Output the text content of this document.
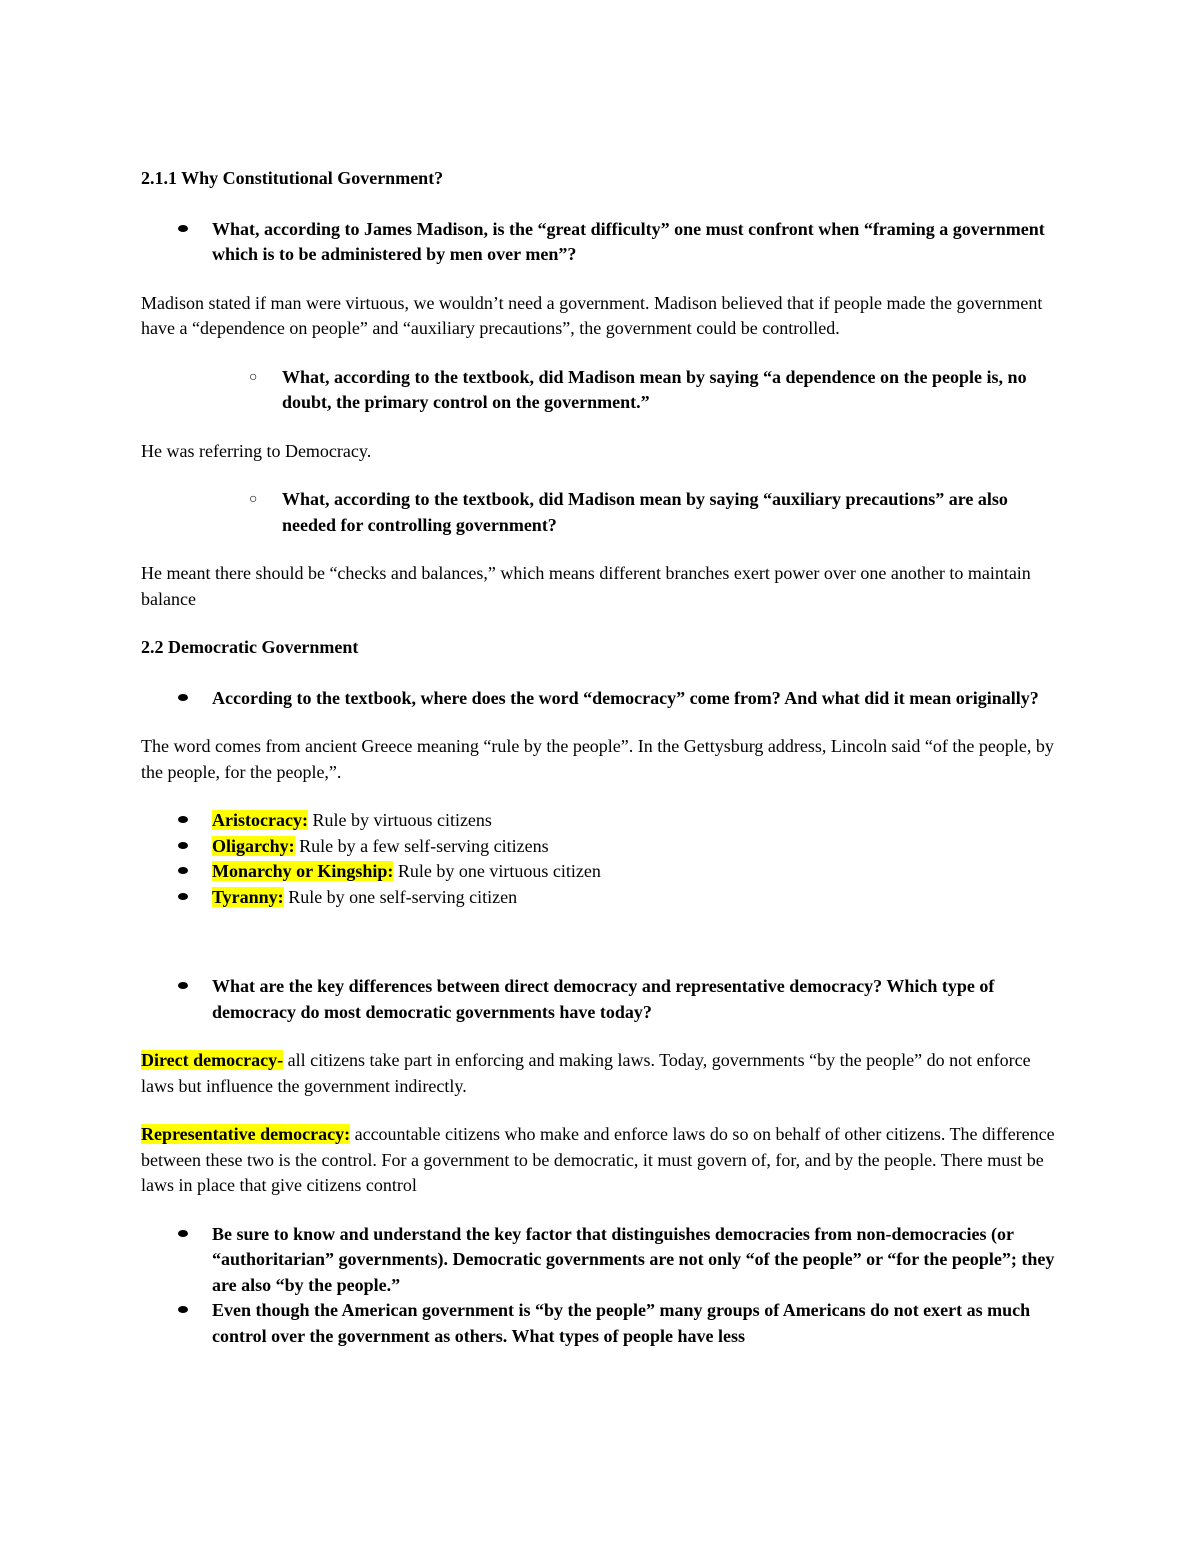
2.1.1 Why Constitutional Government?

What, according to James Madison, is the “great difficulty” one must confront when “framing a government which is to be administered by men over men”?

Madison stated if man were virtuous, we wouldn’t need a government. Madison believed that if people made the government have a “dependence on people” and “auxiliary precautions”, the government could be controlled.

○ What, according to the textbook, did Madison mean by saying “a dependence on the people is, no doubt, the primary control on the government.”

He was referring to Democracy.

○ What, according to the textbook, did Madison mean by saying “auxiliary precautions” are also needed for controlling government?

He meant there should be “checks and balances,” which means different branches exert power over one another to maintain balance

2.2 Democratic Government

According to the textbook, where does the word “democracy” come from? And what did it mean originally?

The word comes from ancient Greece meaning “rule by the people”. In the Gettysburg address, Lincoln said “of the people, by the people, for the people,”.

Aristocracy: Rule by virtuous citizens
Oligarchy: Rule by a few self-serving citizens
Monarchy or Kingship: Rule by one virtuous citizen
Tyranny: Rule by one self-serving citizen
What are the key differences between direct democracy and representative democracy? Which type of democracy do most democratic governments have today?

Direct democracy- all citizens take part in enforcing and making laws. Today, governments “by the people” do not enforce laws but influence the government indirectly.

Representative democracy: accountable citizens who make and enforce laws do so on behalf of other citizens. The difference between these two is the control. For a government to be democratic, it must govern of, for, and by the people. There must be laws in place that give citizens control

Be sure to know and understand the key factor that distinguishes democracies from non-democracies (or “authoritarian” governments). Democratic governments are not only “of the people” or “for the people”; they are also “by the people.”
Even though the American government is “by the people” many groups of Americans do not exert as much control over the government as others. What types of people have less
